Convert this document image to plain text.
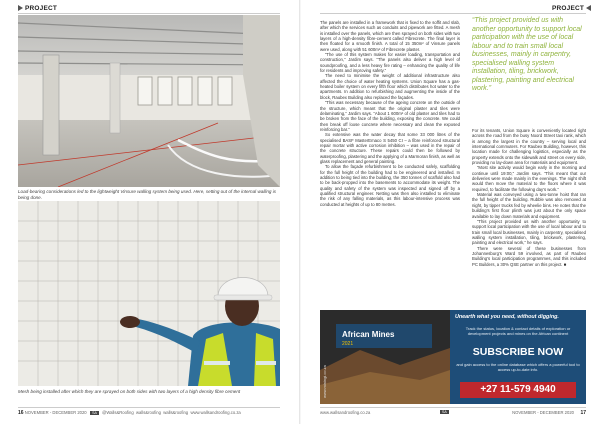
PROJECT
Load-bearing considerations led to the lightweight Vinsure walling system being used. Here, setting out of the internal walling is being done.
Mesh being installed after which they are sprayed on both sides with two layers of a high density fibre cement
16 NOVEMBER - DECEMBER 2020 SA @Walls&Roofing walls&roofing walls&roofing www.wallsandroofing.co.za

The panels are installed in a framework that is fixed to the soffit and slab, after which the services such as conduits and pipework are fitted. A mesh is installed over the panels, which are then sprayed on both sides with two layers of a high-density fibre-cement called Fibrecrete. The final layer is then floated for a smooth finish. A total of 15 350m² of Vinsure panels were used, along with 51 600m² of Fibrecrete plaster.

“The use of this system makes for easier loading, transportation and construction,” Jardim says. “The panels also deliver a high level of soundproofing, and a less heavy fire rating – enhancing the quality of life for residents and improving safety.”

The need to minimise the weight of additional infrastructure also affected the choice of water heating systems. Union Square has a gas-heated boiler system on every fifth floor which distributes hot water to the apartments. In addition to refurbishing and augmenting the inside of the block, Raubex Building also replaced the façades.

“This was necessary because of the ageing concrete on the outside of the structure, which meant that the original plaster and tiles were delaminating,” Jardim says. “About 1 600m² of old plaster and tiles had to be broken from the face of the building, exposing the concrete. We could then break off loose concrete where necessary and clean the exposed reinforcing bar.”

So extensive was the water decay that some 33 000 litres of the specialised BASF MasterEmaco S 5450 CI – a fibre reinforced structural repair mortar with active corrosion inhibition – was used in the repair of the concrete structure. These repairs could then be followed by waterproofing, plastering and the applying of a Marmoran finish, as well as glass replacement and general painting.

To allow the façade refurbishment to be conducted safely, scaffolding for the full height of the building had to be engineered and installed. In addition to being tied into the building, the 350 tonnes of scaffold also had to be back-propped into the basements to accommodate its weight. The quality and safety of the system was inspected and signed off by a qualified structural engineer. Netting was then also installed to eliminate the risk of any falling materials, as this labour-intensive process was conducted at heights of up to 80 metres.

PROJECT
“This project provided us with another opportunity to support local participation with the use of local labour and to train small local businesses, mainly in carpentry, specialised walling system installation, tiling, brickwork, plastering, painting and electrical work.”

For its tenants, Union Square is conveniently located right across the road from the busy Noord Street taxi rank, which is among the largest in the country – serving local and international commuters. For Raubex Building, however, this location made for challenging logistics, especially as the property extends onto the sidewalk and street on every side, providing no lay-down area for materials and equipment.

“Most site activity would begin early in the morning and continue until 19:00,” Jardim says. “This meant that our deliveries were made mainly in the evenings. The night shift would then move the material to the floors where it was required, to facilitate the following day’s work.”

Material was conveyed using a two-tonne hoist that ran the full height of the building. Rubble was also removed at night, by tipper trucks fed by wheelie bins. He notes that the building’s first floor plinth was just about the only space available to lay down materials and equipment.

“This project provided us with another opportunity to support local participation with the use of local labour and to train small local businesses, mainly in carpentry, specialised walling system installation, tiling, brickwork, plastering, painting and electrical work,” he says.

There were several of these businesses from Johannesburg’s Ward 59 involved, as part of Raubex Building’s local participation programmes, and this included PC Builders, a 30% QSE partner on this project. ■

African Mines
2021
www.miningi.co.za
Unearth what you need, without digging.
Track the status, location & contact details of exploration or development projects and mines on the African continent
SUBSCRIBE NOW
and gain access to the online database which offers a powerful tool to access up-to-date info.
+27 11-579 4940
www.wallsandroofing.co.za	SA	NOVEMBER - DECEMBER 2020 17
